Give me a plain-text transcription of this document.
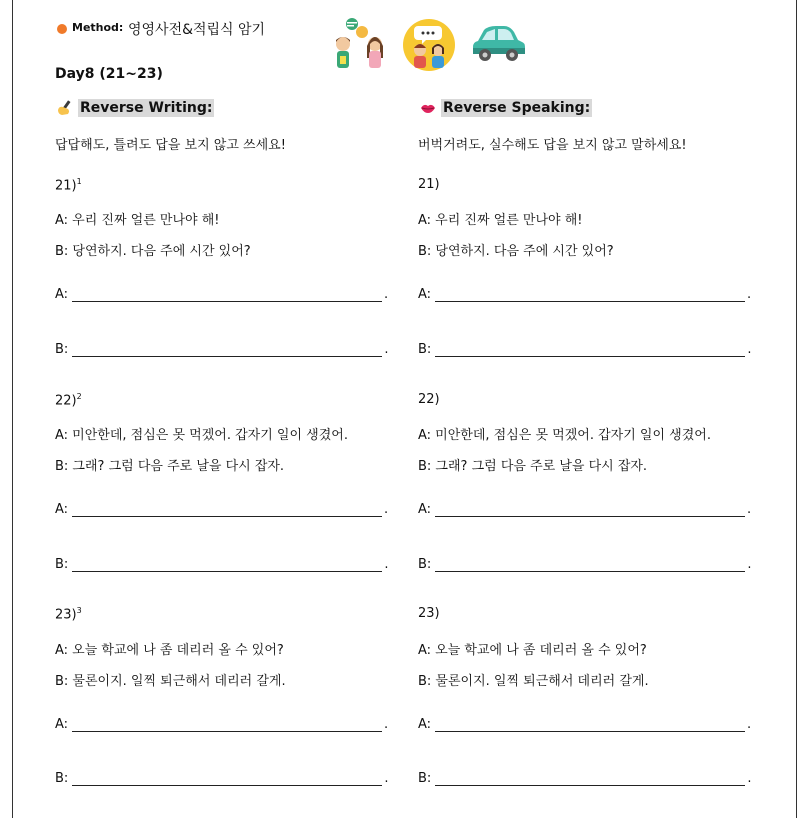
Method: 영영사전&적립식 암기
Day8 (21~23)
Reverse Writing:	Reverse Speaking:
답답해도, 틀려도 답을 보지 않고 쓰세요!	버벅거려도, 실수해도 답을 보지 않고 말하세요!
21)$^1$
A: 우리 진짜 얼른 만나야 해!
B: 당연하지. 다음 주에 시간 있어?
A:	.
B:	.
21)
A: 우리 진짜 얼른 만나야 해!
B: 당연하지. 다음 주에 시간 있어?
A:	.
B:	.
22)$^2$
A: 미안한데, 점심은 못 먹겠어. 갑자기 일이 생겼어.
B: 그래? 그럼 다음 주로 날을 다시 잡자.
A:	.
B:	.
22)
A: 미안한데, 점심은 못 먹겠어. 갑자기 일이 생겼어.
B: 그래? 그럼 다음 주로 날을 다시 잡자.
A:	.
B:	.
23)$^3$
A: 오늘 학교에 나 좀 데리러 올 수 있어?
B: 물론이지. 일찍 퇴근해서 데리러 갈게.
A:	.
B:	.
23)
A: 오늘 학교에 나 좀 데리러 올 수 있어?
B: 물론이지. 일찍 퇴근해서 데리러 갈게.
A:	.
B:	.
